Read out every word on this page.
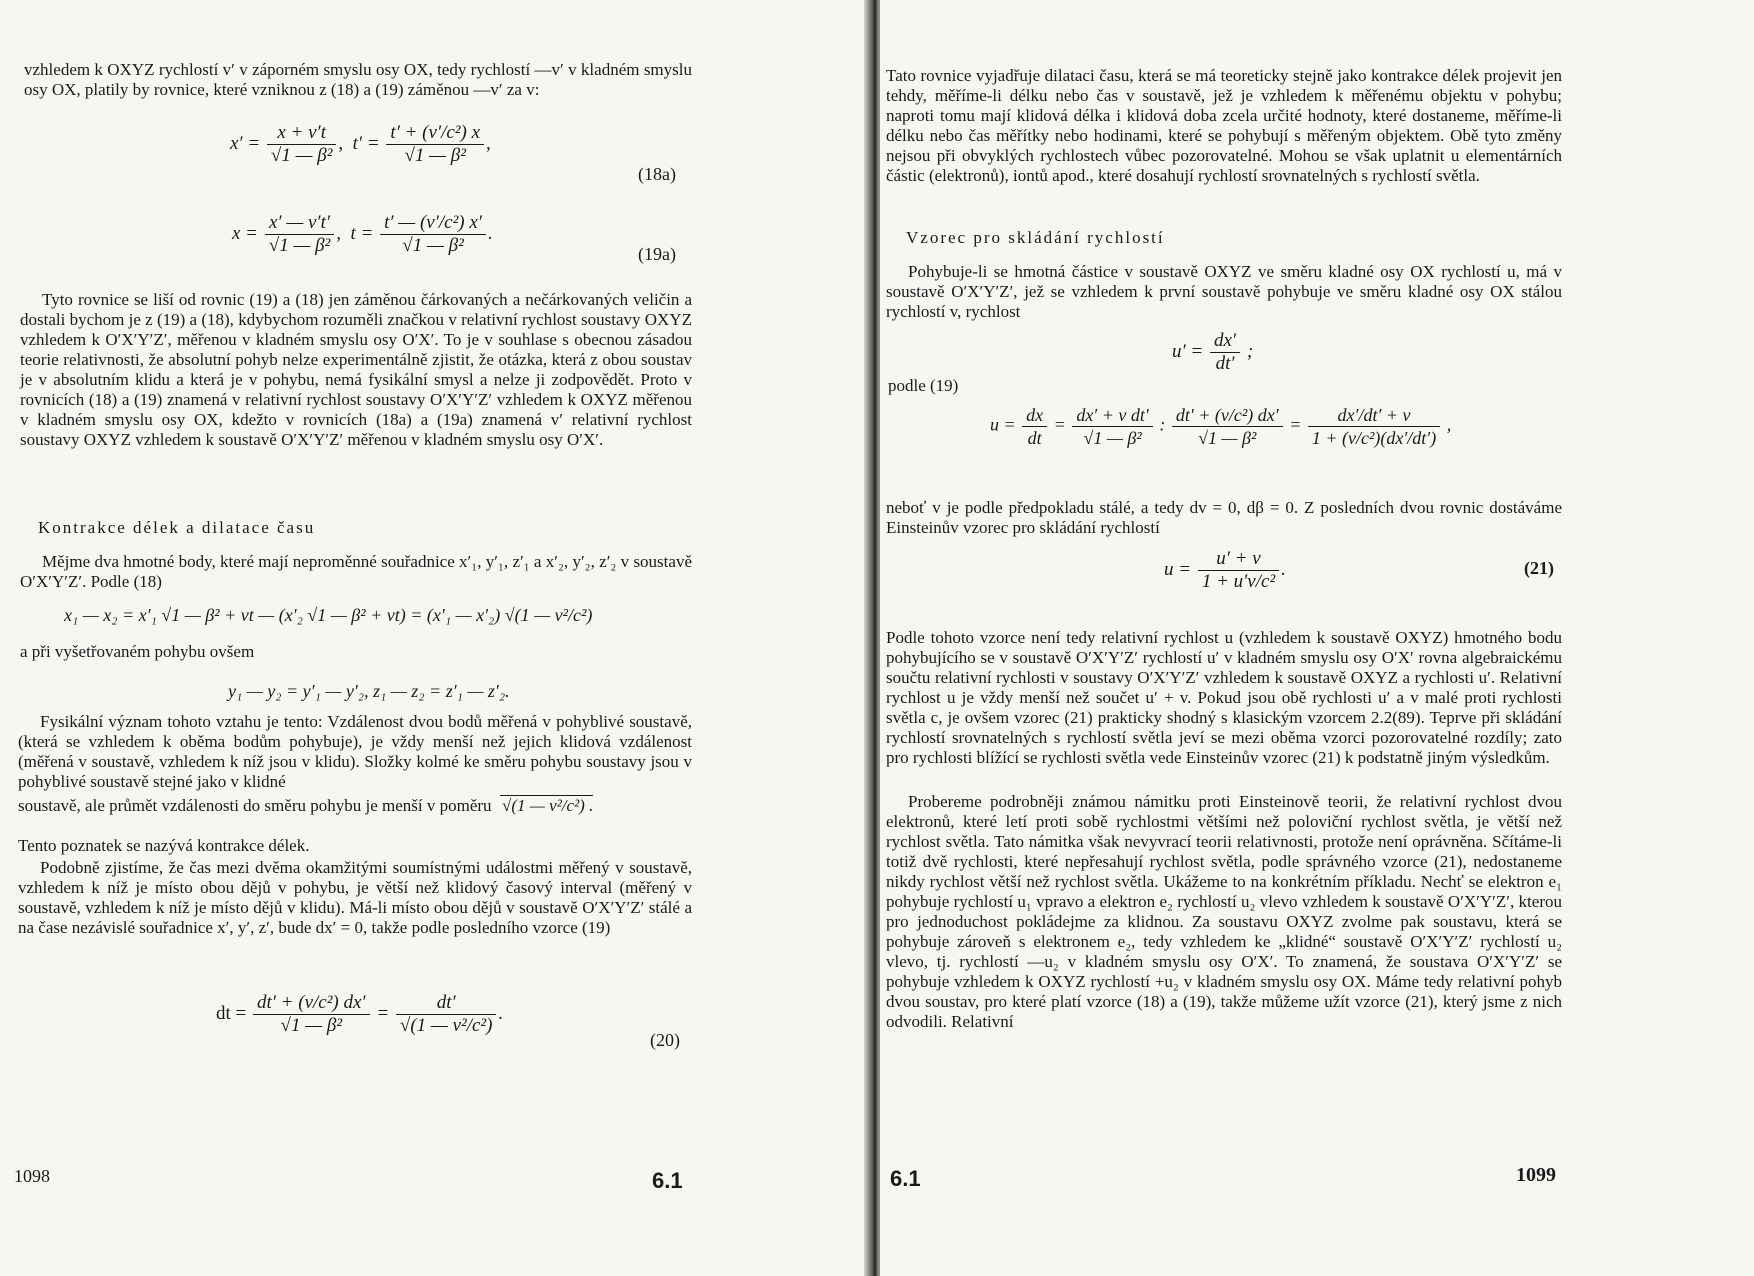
vzhledem k OXYZ rychlostí v′ v záporném smyslu osy OX, tedy rychlostí —v′ v kladném smyslu osy OX, platily by rovnice, které vzniknou z (18) a (19) záměnou —v′ za v:

$x' = \frac{x + v't}{\text{√1 — β²}}$ , $t' = \frac{\text{t′ + (v′/c²) x}}{\text{√1 — β²}}$ ,
(18a)
$x = \frac{x' — v't'}{\text{√1 — β²}}$ , $t = \frac{\text{t′ — (v′/c²) x′}}{\text{√1 — β²}}$ .
(19a)

Tyto rovnice se liší od rovnic (19) a (18) jen záměnou čárkovaných a nečárkovaných veličin a dostali bychom je z (19) a (18), kdybychom rozuměli značkou v relativní rychlost soustavy OXYZ vzhledem k O′X′Y′Z′, měřenou v kladném smyslu osy O′X′. To je v souhlase s obecnou zásadou teorie relativnosti, že absolutní pohyb nelze experimentálně zjistit, že otázka, která z obou soustav je v absolutním klidu a která je v pohybu, nemá fysikální smysl a nelze ji zodpovědět. Proto v rovnicích (18) a (19) znamená v relativní rychlost soustavy O′X′Y′Z′ vzhledem k OXYZ měřenou v kladném smyslu osy OX, kdežto v rovnicích (18a) a (19a) znamená v′ relativní rychlost soustavy OXYZ vzhledem k soustavě O′X′Y′Z′ měřenou v kladném smyslu osy O′X′.

Kontrakce délek a dilatace času

Mějme dva hmotné body, které mají neproměnné souřadnice x′₁, y′₁, z′₁ a x′₂, y′₂, z′₂ v soustavě O′X′Y′Z′. Podle (18)

x₁ — x₂ = x′₁ √1 — β² + vt — (x′₂ √1 — β² + vt) = (x′₁ — x′₂) √(1 — v²/c²)

a při vyšetřovaném pohybu ovšem

y₁ — y₂ = y′₁ — y′₂, z₁ — z₂ = z′₁ — z′₂.

Fysikální význam tohoto vztahu je tento: Vzdálenost dvou bodů měřená v pohyblivé soustavě, (která se vzhledem k oběma bodům pohybuje), je vždy menší než jejich klidová vzdálenost (měřená v soustavě, vzhledem k níž jsou v klidu). Složky kolmé ke směru pohybu soustavy jsou v pohyblivé soustavě stejné jako v klidné

soustavě, ale průmět vzdálenosti do směru pohybu je menší v poměru √(1 — v²/c²) .

Tento poznatek se nazývá kontrakce délek.

Podobně zjistíme, že čas mezi dvěma okamžitými soumístnými událostmi měřený v soustavě, vzhledem k níž je místo obou dějů v pohybu, je větší než klidový časový interval (měřený v soustavě, vzhledem k níž je místo dějů v klidu). Má-li místo obou dějů v soustavě O′X′Y′Z′ stálé a na čase nezávislé souřadnice x′, y′, z′, bude dx′ = 0, takže podle posledního vzorce (19)

dt = $\frac{\text{dt′ + (v/c²) dx′}}{\text{√1 — β²}} = \frac{dt'}{\text{√(1 — v²/c²)}}$ .
(20)
1098	6.1

Tato rovnice vyjadřuje dilataci času, která se má teoreticky stejně jako kontrakce délek projevit jen tehdy, měříme-li délku nebo čas v soustavě, jež je vzhledem k měřenému objektu v pohybu; naproti tomu mají klidová délka i klidová doba zcela určité hodnoty, které dostaneme, měříme-li délku nebo čas měřítky nebo hodinami, které se pohybují s měřeným objektem. Obě tyto změny nejsou při obvyklých rychlostech vůbec pozorovatelné. Mohou se však uplatnit u elementárních částic (elektronů), iontů apod., které dosahují rychlostí srovnatelných s rychlostí světla.

Vzorec pro skládání rychlostí

Pohybuje-li se hmotná částice v soustavě OXYZ ve směru kladné osy OX rychlostí u, má v soustavě O′X′Y′Z′, jež se vzhledem k první soustavě pohybuje ve směru kladné osy OX stálou rychlostí v, rychlost

$u' = \frac{dx'}{dt'}$ ;

podle (19)

$u = \frac{dx}{dt} = \frac{\text{dx′ + v dt′}}{\text{√1 — β²}}$ : $\frac{\text{dt′ + (v/c²) dx′}}{\text{√1 — β²}} = \frac{dx'/dt' + v}{\text{1 + (v/c²)(dx′/dt′)}}$ ,

neboť v je podle předpokladu stálé, a tedy dv = 0, dβ = 0. Z posledních dvou rovnic dostáváme Einsteinův vzorec pro skládání rychlostí

$u = \frac{u' + v}{\text{1 + u′v/c²}}$ .	(21)

Podle tohoto vzorce není tedy relativní rychlost u (vzhledem k soustavě OXYZ) hmotného bodu pohybujícího se v soustavě O′X′Y′Z′ rychlostí u′ v kladném smyslu osy O′X′ rovna algebraickému součtu relativní rychlosti v soustavy O′X′Y′Z′ vzhledem k soustavě OXYZ a rychlosti u′. Relativní rychlost u je vždy menší než součet u′ + v. Pokud jsou obě rychlosti u′ a v malé proti rychlosti světla c, je ovšem vzorec (21) prakticky shodný s klasickým vzorcem 2.2(89). Teprve při skládání rychlostí srovnatelných s rychlostí světla jeví se mezi oběma vzorci pozorovatelné rozdíly; zato pro rychlosti blížící se rychlosti světla vede Einsteinův vzorec (21) k podstatně jiným výsledkům.

Probereme podrobněji známou námitku proti Einsteinově teorii, že relativní rychlost dvou elektronů, které letí proti sobě rychlostmi většími než poloviční rychlost světla, je větší než rychlost světla. Tato námitka však nevyvrací teorii relativnosti, protože není oprávněna. Sčítáme-li totiž dvě rychlosti, které nepřesahují rychlost světla, podle správného vzorce (21), nedostaneme nikdy rychlost větší než rychlost světla. Ukážeme to na konkrétním příkladu. Nechť se elektron e₁ pohybuje rychlostí u₁ vpravo a elektron e₂ rychlostí u₂ vlevo vzhledem k soustavě O′X′Y′Z′, kterou pro jednoduchost pokládejme za klidnou. Za soustavu OXYZ zvolme pak soustavu, která se pohybuje zároveň s elektronem e₂, tedy vzhledem ke „klidné“ soustavě O′X′Y′Z′ rychlostí u₂ vlevo, tj. rychlostí —u₂ v kladném smyslu osy O′X′. To znamená, že soustava O′X′Y′Z′ se pohybuje vzhledem k OXYZ rychlostí +u₂ v kladném smyslu osy OX. Máme tedy relativní pohyb dvou soustav, pro které platí vzorce (18) a (19), takže můžeme užít vzorce (21), který jsme z nich odvodili. Relativní

6.1	1099
